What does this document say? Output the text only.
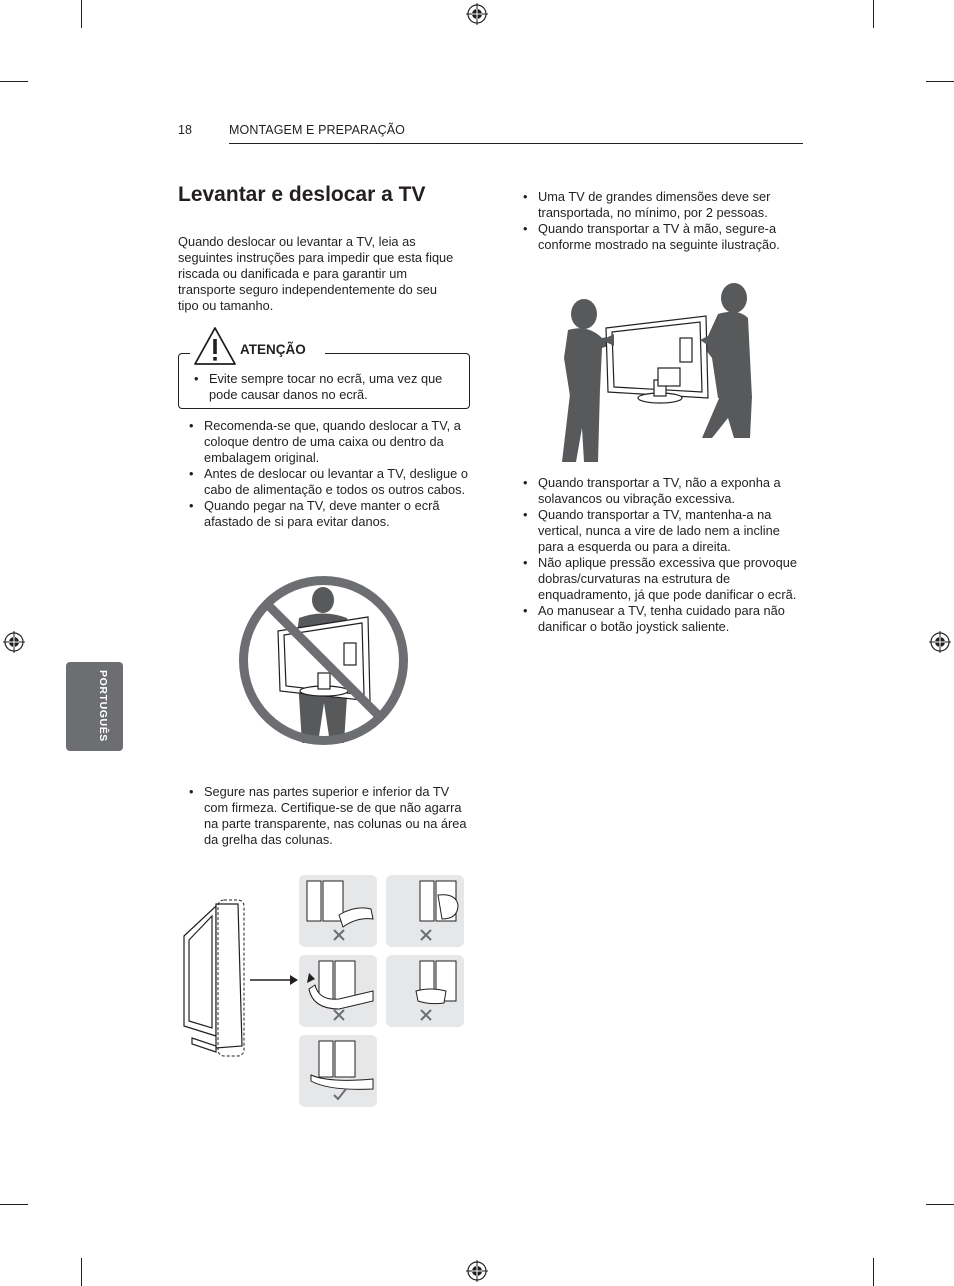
18	MONTAGEM E PREPARAÇÃO
PORTUGUÊS
Levantar e deslocar a TV
Quando deslocar ou levantar a TV, leia as seguintes instruções para impedir que esta fique riscada ou danificada e para garantir um transporte seguro independentemente do seu tipo ou tamanho.
ATENÇÃO
• Evite sempre tocar no ecrã, uma vez que pode causar danos no ecrã.
• Recomenda-se que, quando deslocar a TV, a coloque dentro de uma caixa ou dentro da embalagem original.
• Antes de deslocar ou levantar a TV, desligue o cabo de alimentação e todos os outros cabos.
• Quando pegar na TV, deve manter o ecrã afastado de si para evitar danos.
• Segure nas partes superior e inferior da TV com firmeza. Certifique-se de que não agarra na parte transparente, nas colunas ou na área da grelha das colunas.
• Uma TV de grandes dimensões deve ser transportada, no mínimo, por 2 pessoas.
• Quando transportar a TV à mão, segure-a conforme mostrado na seguinte ilustração.
• Quando transportar a TV, não a exponha a solavancos ou vibração excessiva.
• Quando transportar a TV, mantenha-a na vertical, nunca a vire de lado nem a incline para a esquerda ou para a direita.
• Não aplique pressão excessiva que provoque dobras/curvaturas na estrutura de enquadramento, já que pode danificar o ecrã.
• Ao manusear a TV, tenha cuidado para não danificar o botão joystick saliente.
